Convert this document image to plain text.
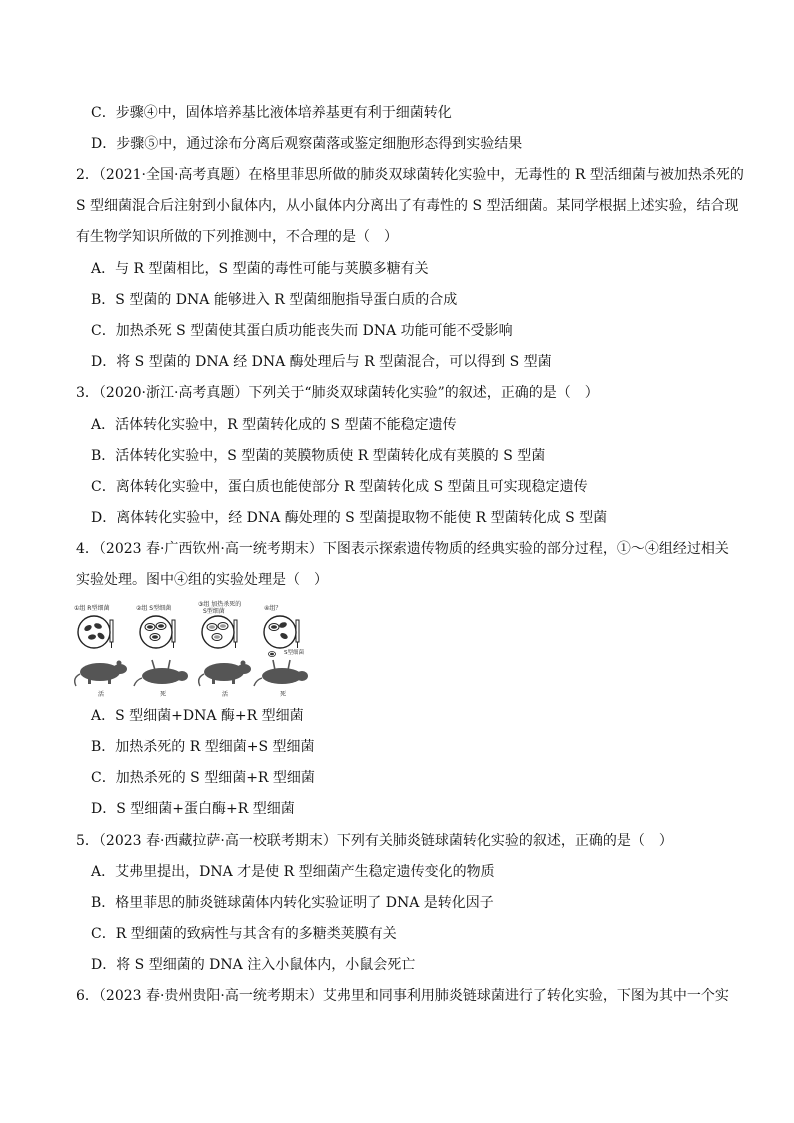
C．步骤④中，固体培养基比液体培养基更有利于细菌转化
D．步骤⑤中，通过涂布分离后观察菌落或鉴定细胞形态得到实验结果
2．（2021·全国·高考真题）在格里菲思所做的肺炎双球菌转化实验中，无毒性的 R 型活细菌与被加热杀死的
S 型细菌混合后注射到小鼠体内，从小鼠体内分离出了有毒性的 S 型活细菌。某同学根据上述实验，结合现
有生物学知识所做的下列推测中，不合理的是（　）
A．与 R 型菌相比，S 型菌的毒性可能与荚膜多糖有关
B．S 型菌的 DNA 能够进入 R 型菌细胞指导蛋白质的合成
C．加热杀死 S 型菌使其蛋白质功能丧失而 DNA 功能可能不受影响
D．将 S 型菌的 DNA 经 DNA 酶处理后与 R 型菌混合，可以得到 S 型菌
3．（2020·浙江·高考真题）下列关于“肺炎双球菌转化实验”的叙述，正确的是（　）
A．活体转化实验中，R 型菌转化成的 S 型菌不能稳定遗传
B．活体转化实验中，S 型菌的荚膜物质使 R 型菌转化成有荚膜的 S 型菌
C．离体转化实验中，蛋白质也能使部分 R 型菌转化成 S 型菌且可实现稳定遗传
D．离体转化实验中，经 DNA 酶处理的 S 型菌提取物不能使 R 型菌转化成 S 型菌
4．（2023 春·广西钦州·高一统考期末）下图表示探索遗传物质的经典实验的部分过程，①～④组经过相关
实验处理。图中④组的实验处理是（　）
①组 R型细菌	②组 S型细菌
③组 加热杀死的
S型细菌	④组？
活	死	活
S型细菌
死
A．S 型细菌+DNA 酶+R 型细菌
B．加热杀死的 R 型细菌+S 型细菌
C．加热杀死的 S 型细菌+R 型细菌
D．S 型细菌+蛋白酶+R 型细菌
5．（2023 春·西藏拉萨·高一校联考期末）下列有关肺炎链球菌转化实验的叙述，正确的是（　）
A．艾弗里提出，DNA 才是使 R 型细菌产生稳定遗传变化的物质
B．格里菲思的肺炎链球菌体内转化实验证明了 DNA 是转化因子
C．R 型细菌的致病性与其含有的多糖类荚膜有关
D．将 S 型细菌的 DNA 注入小鼠体内，小鼠会死亡
6．（2023 春·贵州贵阳·高一统考期末）艾弗里和同事利用肺炎链球菌进行了转化实验，下图为其中一个实
